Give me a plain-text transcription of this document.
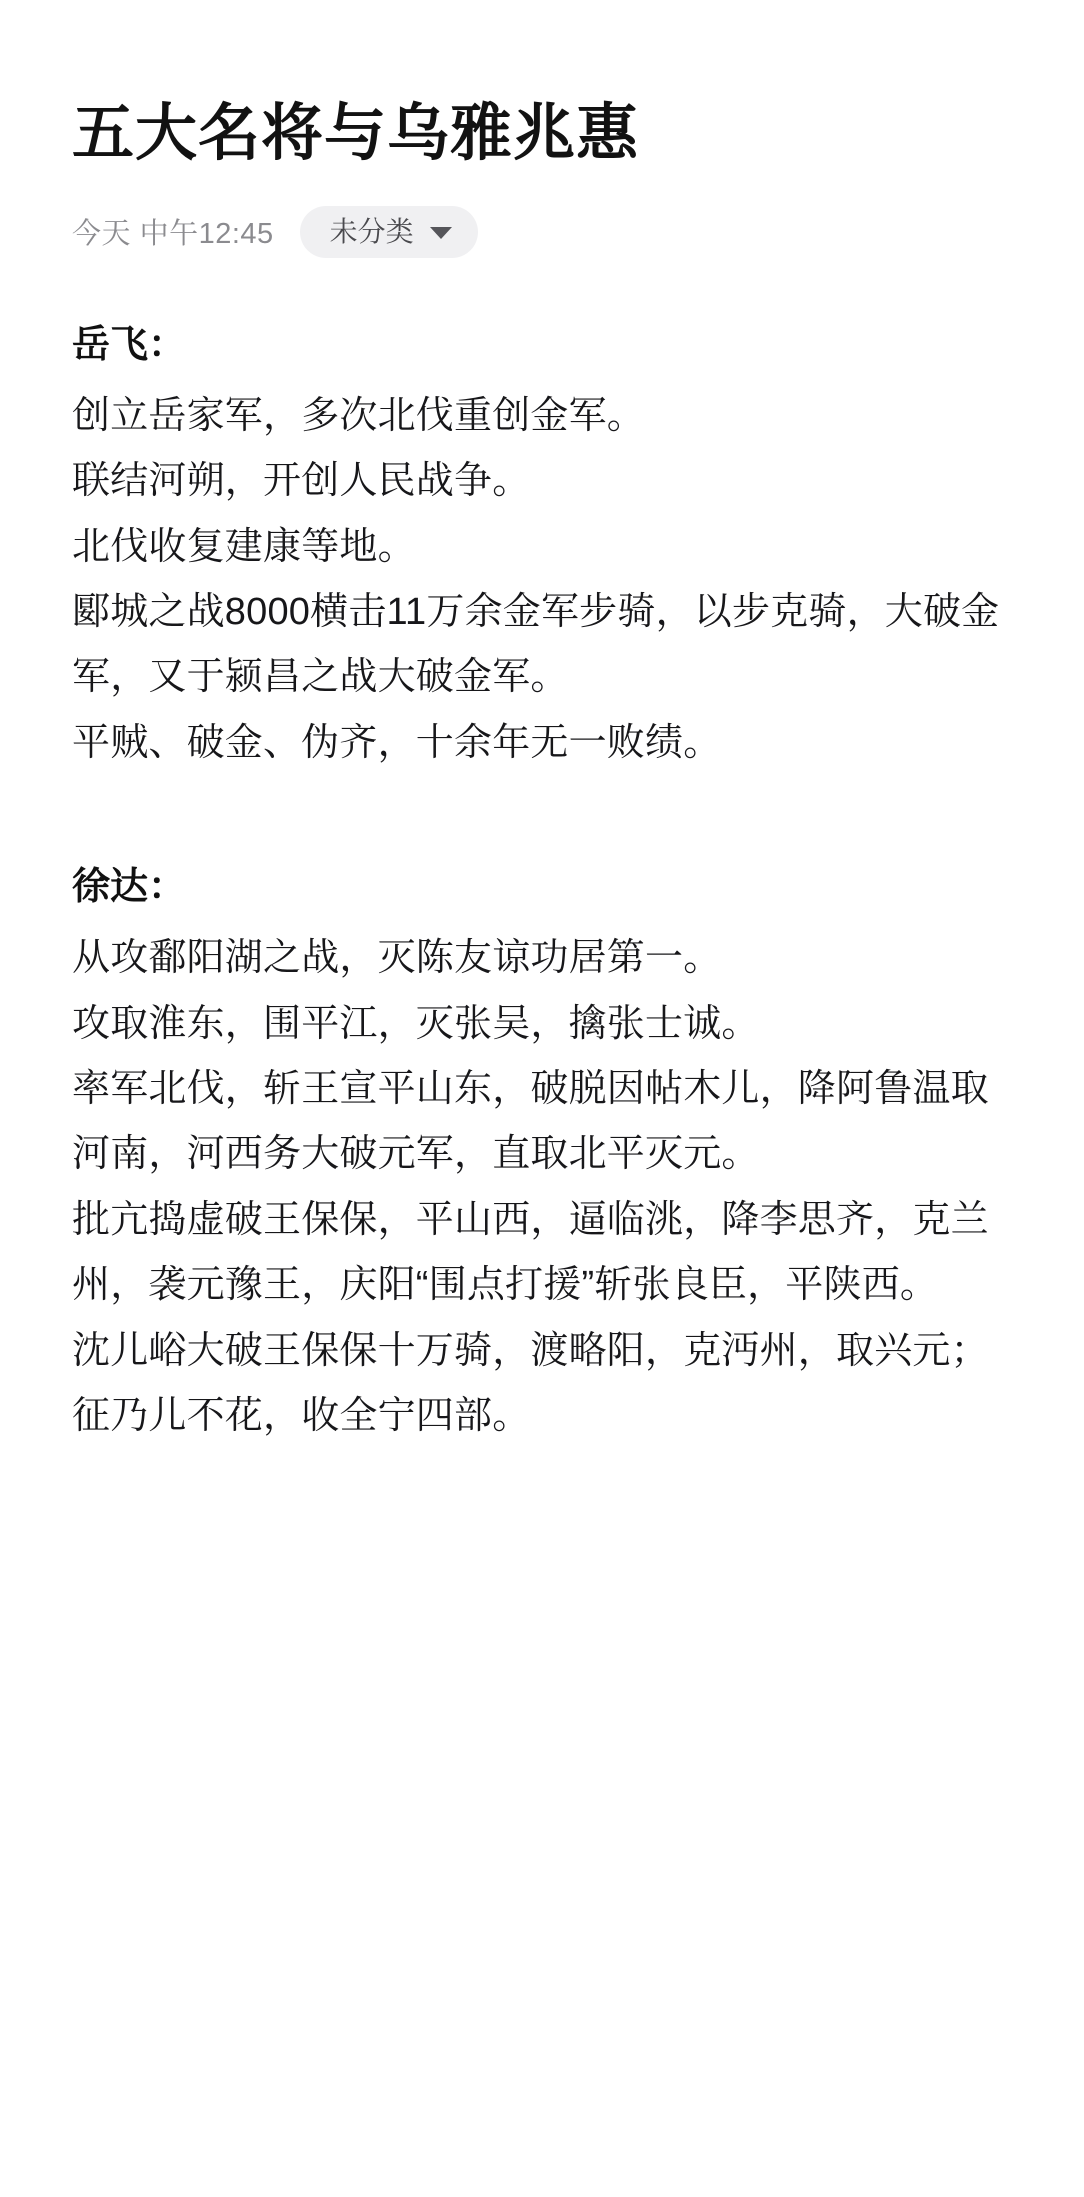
五大名将与乌雅兆惠
今天 中午12:45 未分类
岳飞：

创立岳家军，多次北伐重创金军。

联结河朔，开创人民战争。

北伐收复建康等地。

郾城之战8000横击11万余金军步骑，以步克骑，大破金军，又于颍昌之战大破金军。

平贼、破金、伪齐，十余年无一败绩。

徐达：

从攻鄱阳湖之战，灭陈友谅功居第一。

攻取淮东，围平江，灭张吴，擒张士诚。

率军北伐，斩王宣平山东，破脱因帖木儿，降阿鲁温取河南，河西务大破元军，直取北平灭元。

批亢捣虚破王保保，平山西，逼临洮，降李思齐，克兰州，袭元豫王，庆阳“围点打援”斩张良臣，平陕西。

沈儿峪大破王保保十万骑，渡略阳，克沔州，取兴元；征乃儿不花，收全宁四部。
